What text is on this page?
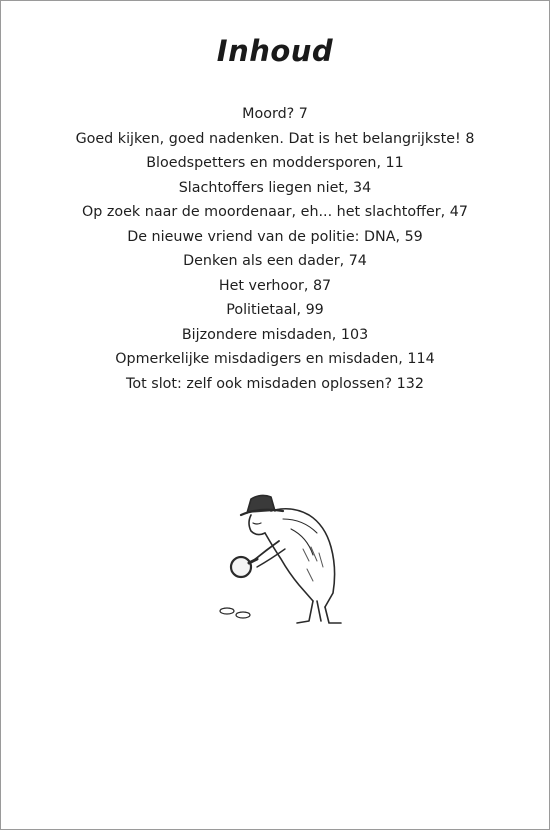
Inhoud
Moord? 7
Goed kijken, goed nadenken. Dat is het belangrijkste! 8
Bloedspetters en moddersporen, 11
Slachtoffers liegen niet, 34
Op zoek naar de moordenaar, eh... het slachtoffer, 47
De nieuwe vriend van de politie: DNA, 59
Denken als een dader, 74
Het verhoor, 87
Politietaal, 99
Bijzondere misdaden, 103
Opmerkelijke misdadigers en misdaden, 114
Tot slot: zelf ook misdaden oplossen? 132
